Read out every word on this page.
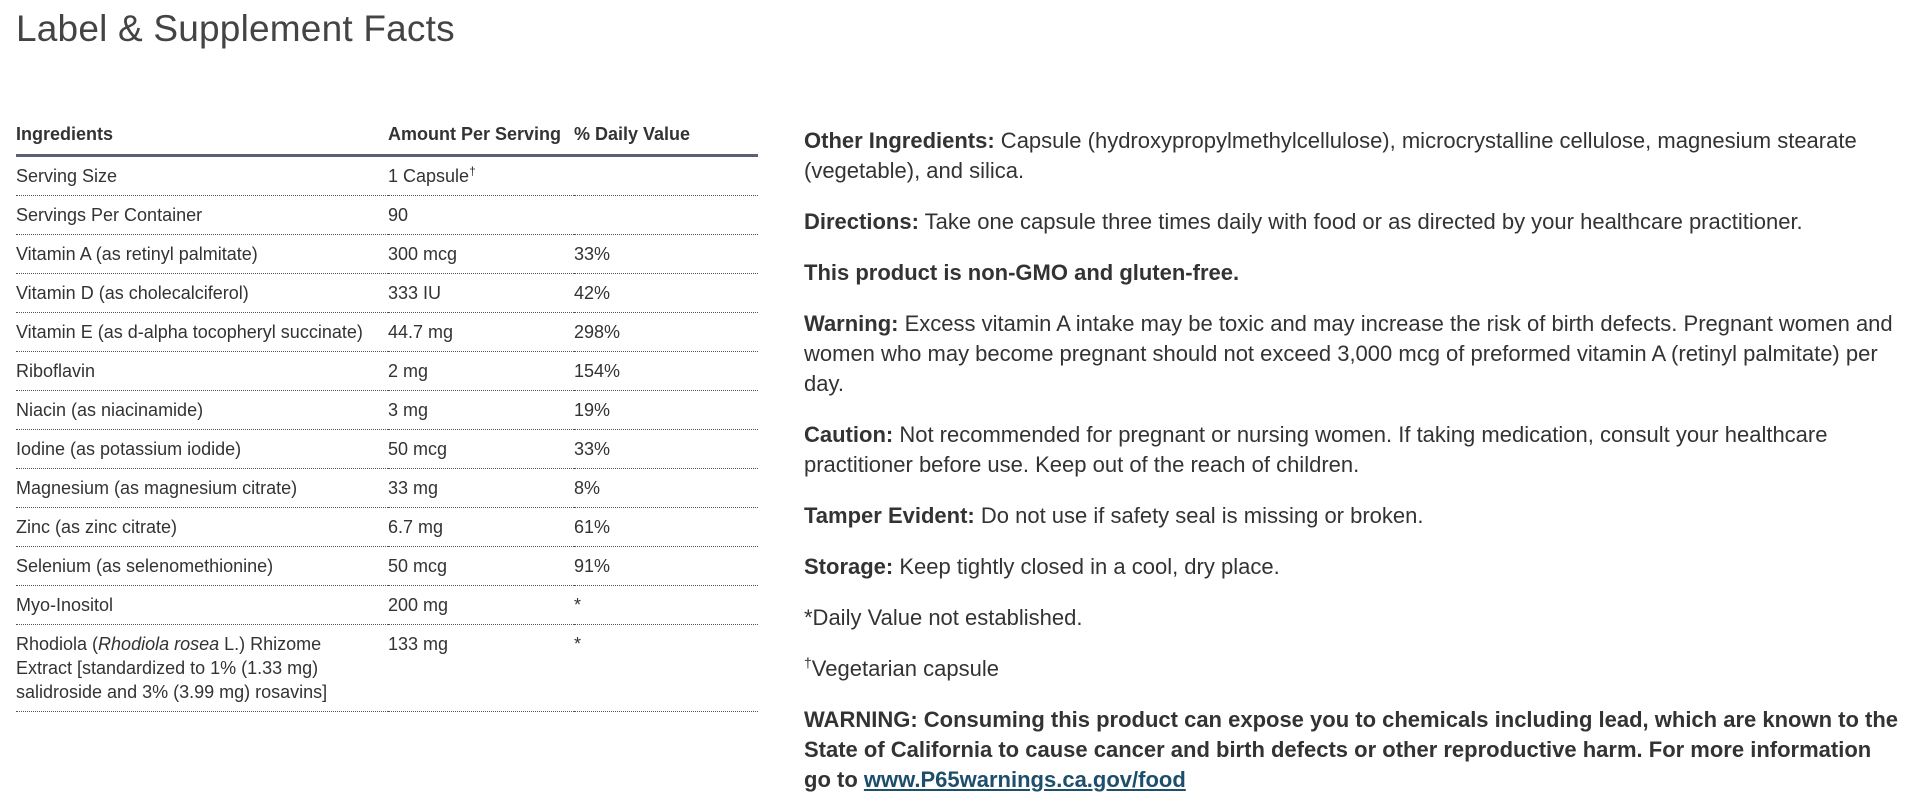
Label & Supplement Facts
Ingredients	Amount Per Serving	% Daily Value
Serving Size	1 Capsule†	
Servings Per Container	90	
Vitamin A (as retinyl palmitate)	300 mcg	33%
Vitamin D (as cholecalciferol)	333 IU	42%
Vitamin E (as d-alpha tocopheryl succinate)	44.7 mg	298%
Riboflavin	2 mg	154%
Niacin (as niacinamide)	3 mg	19%
Iodine (as potassium iodide)	50 mcg	33%
Magnesium (as magnesium citrate)	33 mg	8%
Zinc (as zinc citrate)	6.7 mg	61%
Selenium (as selenomethionine)	50 mcg	91%
Myo-Inositol	200 mg	*
Rhodiola (Rhodiola rosea L.) Rhizome Extract [standardized to 1% (1.33 mg) salidroside and 3% (3.99 mg) rosavins]	133 mg	*

Other Ingredients: Capsule (hydroxypropylmethylcellulose), microcrystalline cellulose, magnesium stearate (vegetable), and silica.

Directions: Take one capsule three times daily with food or as directed by your healthcare practitioner.

This product is non-GMO and gluten-free.

Warning: Excess vitamin A intake may be toxic and may increase the risk of birth defects. Pregnant women and women who may become pregnant should not exceed 3,000 mcg of preformed vitamin A (retinyl palmitate) per day.

Caution: Not recommended for pregnant or nursing women. If taking medication, consult your healthcare practitioner before use. Keep out of the reach of children.

Tamper Evident: Do not use if safety seal is missing or broken.

Storage: Keep tightly closed in a cool, dry place.

*Daily Value not established.

†Vegetarian capsule

WARNING: Consuming this product can expose you to chemicals including lead, which are known to the State of California to cause cancer and birth defects or other reproductive harm. For more information go to www.P65warnings.ca.gov/food
